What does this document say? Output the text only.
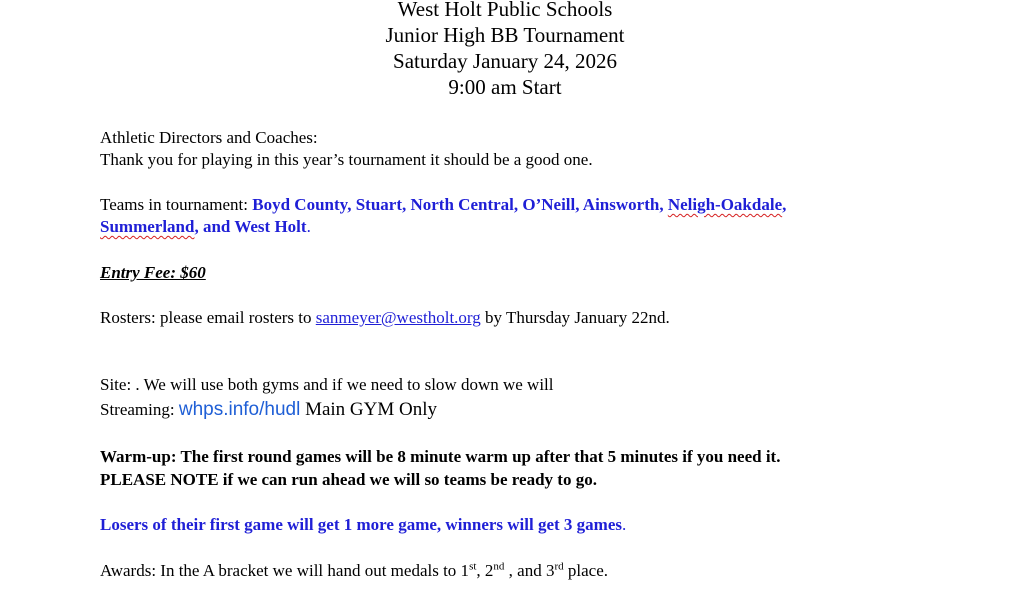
West Holt Public Schools
Junior High BB Tournament
Saturday January 24, 2026
9:00 am Start
Athletic Directors and Coaches:
Thank you for playing in this year’s tournament it should be a good one.
Teams in tournament: Boyd County, Stuart, North Central, O’Neill, Ainsworth, Neligh-Oakdale,
Summerland, and West Holt.
Entry Fee: $60
Rosters: please email rosters to sanmeyer@westholt.org by Thursday January 22nd.
Site: . We will use both gyms and if we need to slow down we will
Streaming: whps.info/hudl Main GYM Only
Warm-up: The first round games will be 8 minute warm up after that 5 minutes if you need it.
PLEASE NOTE if we can run ahead we will so teams be ready to go.
Losers of their first game will get 1 more game, winners will get 3 games.
Awards: In the A bracket we will hand out medals to 1st, 2nd , and 3rd place.
